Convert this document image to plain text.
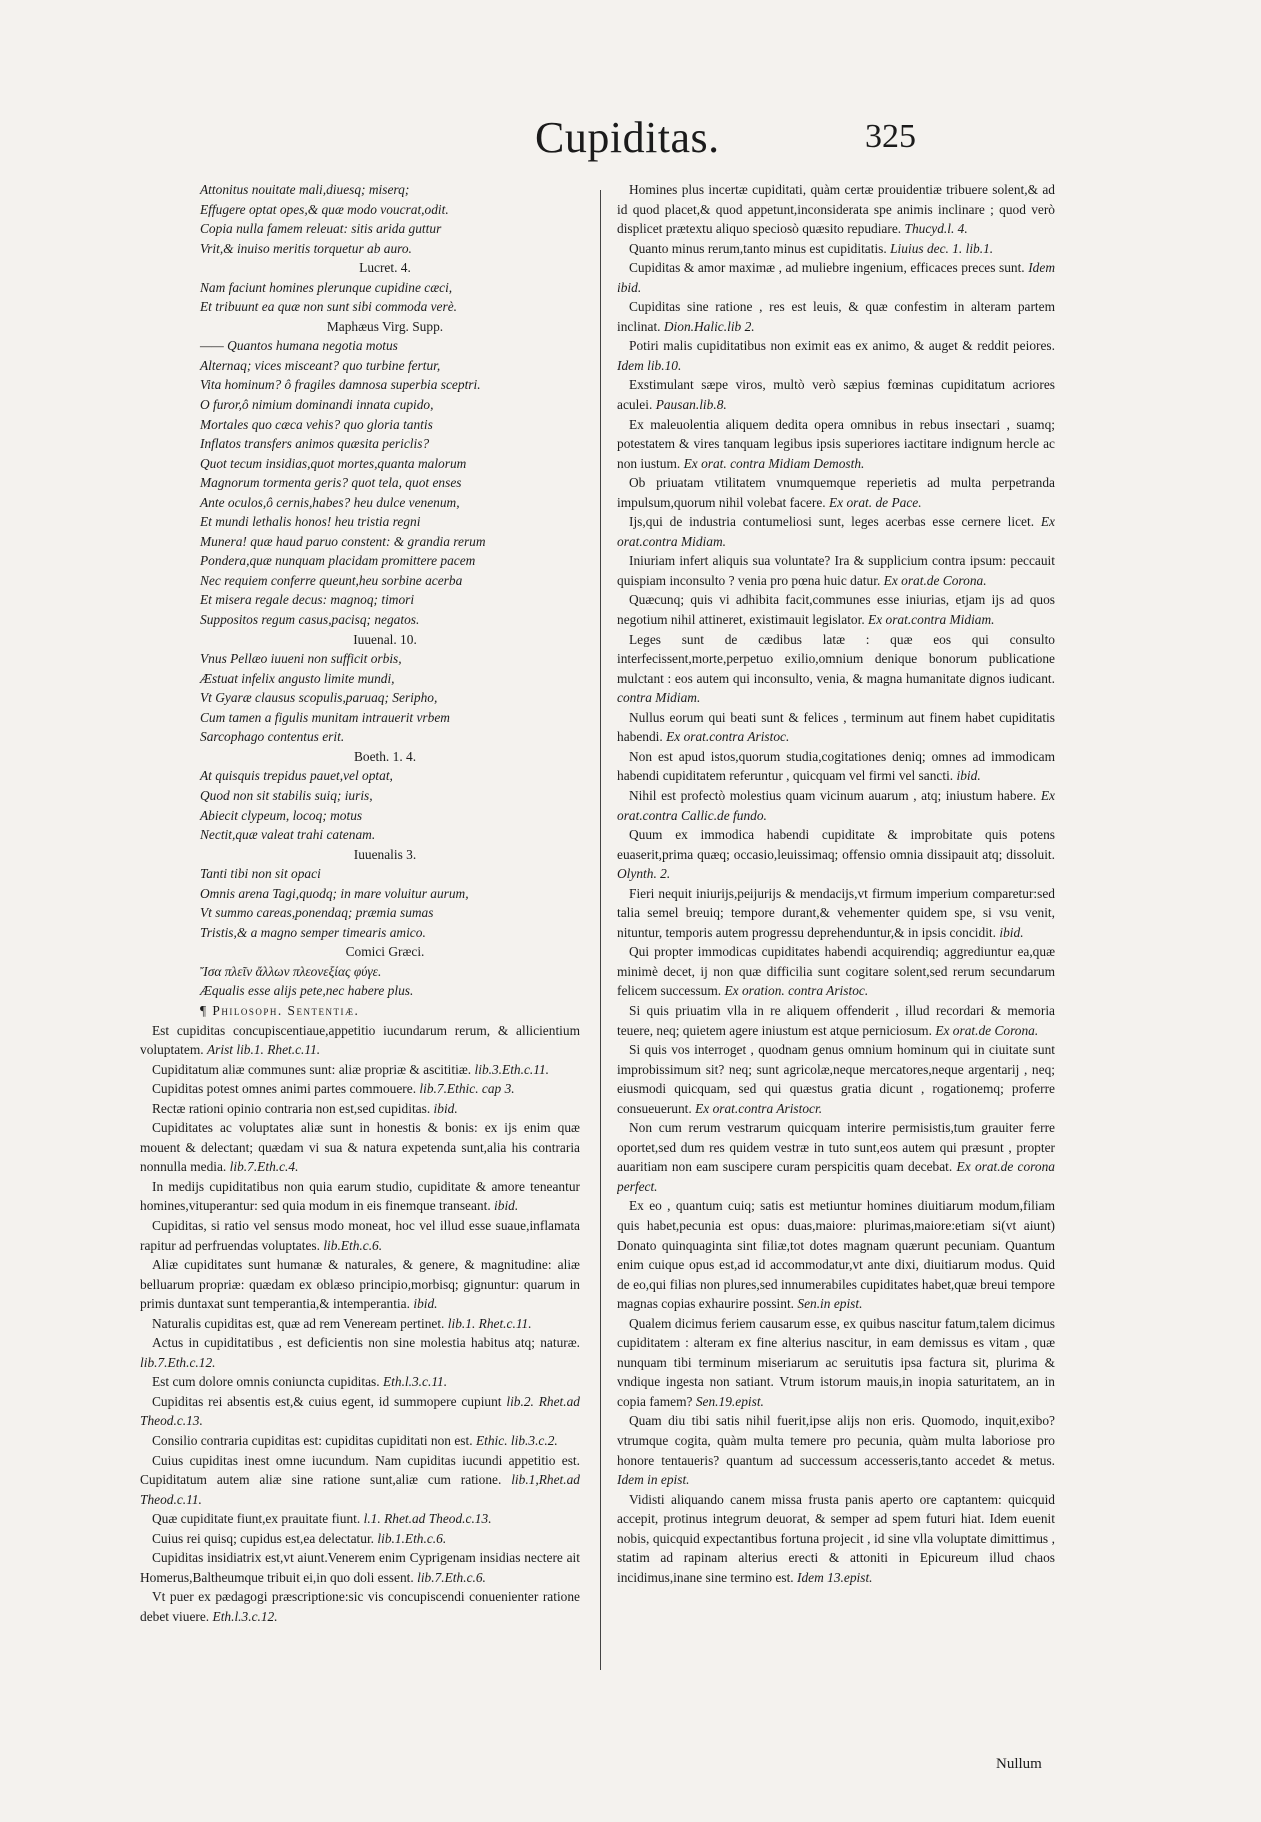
Cupiditas.	325
Attonitus nouitate mali,diuesq; miserq;
Effugere optat opes,& quæ modo voucrat,odit.
Copia nulla famem releuat: sitis arida guttur
Vrit,& inuiso meritis torquetur ab auro.
Lucret. 4.
Nam faciunt homines plerunque cupidine cæci,
Et tribuunt ea quæ non sunt sibi commoda verè.
Maphæus Virg. Supp.
—— Quantos humana negotia motus
Alternaq; vices misceant? quo turbine fertur,
Vita hominum? ô fragiles damnosa superbia sceptri.
O furor,ô nimium dominandi innata cupido,
Mortales quo cæca vehis? quo gloria tantis
Inflatos transfers animos quæsita periclis?
Quot tecum insidias,quot mortes,quanta malorum
Magnorum tormenta geris? quot tela, quot enses
Ante oculos,ô cernis,habes? heu dulce venenum,
Et mundi lethalis honos! heu tristia regni
Munera! quæ haud paruo constent: & grandia rerum
Pondera,quæ nunquam placidam promittere pacem
Nec requiem conferre queunt,heu sorbine acerba
Et misera regale decus: magnoq; timori
Suppositos regum casus,pacisq; negatos.
Iuuenal. 10.
Vnus Pellæo iuueni non sufficit orbis,
Æstuat infelix angusto limite mundi,
Vt Gyaræ clausus scopulis,paruaq; Seripho,
Cum tamen a figulis munitam intrauerit vrbem
Sarcophago contentus erit.
Boeth. 1. 4.
At quisquis trepidus pauet,vel optat,
Quod non sit stabilis suiq; iuris,
Abiecit clypeum, locoq; motus
Nectit,quæ valeat trahi catenam.
Iuuenalis 3.
Tanti tibi non sit opaci
Omnis arena Tagi,quodq; in mare voluitur aurum,
Vt summo careas,ponendaq; præmia sumas
Tristis,& a magno semper timearis amico.
Comici Græci.
Ἴσα πλεῖν ἄλλων πλεονεξίας φύγε.
Æqualis esse alijs pete,nec habere plus.
¶ Philosoph. Sententiæ.
Est cupiditas concupiscentiaue,appetitio iucundarum rerum, & allicientium voluptatem. Arist lib.1. Rhet.c.11.
Cupiditatum aliæ communes sunt: aliæ propriæ & ascititiæ. lib.3.Eth.c.11.
Cupiditas potest omnes animi partes commouere. lib.7.Ethic. cap 3.
Rectæ rationi opinio contraria non est,sed cupiditas. ibid.
Cupiditates ac voluptates aliæ sunt in honestis & bonis: ex ijs enim quæ mouent & delectant; quædam vi sua & natura expetenda sunt,alia his contraria nonnulla media. lib.7.Eth.c.4.
In medijs cupiditatibus non quia earum studio, cupiditate & amore teneantur homines,vituperantur: sed quia modum in eis finemque transeant. ibid.
Cupiditas, si ratio vel sensus modo moneat, hoc vel illud esse suaue,inflamata rapitur ad perfruendas voluptates. lib.Eth.c.6.
Aliæ cupiditates sunt humanæ & naturales, & genere, & magnitudine: aliæ belluarum propriæ: quædam ex oblæso principio,morbisq; gignuntur: quarum in primis duntaxat sunt temperantia,& intemperantia. ibid.
Naturalis cupiditas est, quæ ad rem Veneream pertinet. lib.1. Rhet.c.11.
Actus in cupiditatibus , est deficientis non sine molestia habitus atq; naturæ. lib.7.Eth.c.12.
Est cum dolore omnis coniuncta cupiditas. Eth.l.3.c.11.
Cupiditas rei absentis est,& cuius egent, id summopere cupiunt lib.2. Rhet.ad Theod.c.13.
Consilio contraria cupiditas est: cupiditas cupiditati non est. Ethic. lib.3.c.2.
Cuius cupiditas inest omne iucundum. Nam cupiditas iucundi appetitio est. Cupiditatum autem aliæ sine ratione sunt,aliæ cum ratione. lib.1,Rhet.ad Theod.c.11.
Quæ cupiditate fiunt,ex prauitate fiunt. l.1. Rhet.ad Theod.c.13.
Cuius rei quisq; cupidus est,ea delectatur. lib.1.Eth.c.6.
Cupiditas insidiatrix est,vt aiunt.Venerem enim Cyprigenam insidias nectere ait Homerus,Baltheumque tribuit ei,in quo doli essent. lib.7.Eth.c.6.
Vt puer ex pædagogi præscriptione:sic vis concupiscendi conuenienter ratione debet viuere. Eth.l.3.c.12.
Homines plus incertæ cupiditati, quàm certæ prouidentiæ tribuere solent,& ad id quod placet,& quod appetunt,inconsiderata spe animis inclinare ; quod verò displicet prætextu aliquo speciosò quæsito repudiare. Thucyd.l. 4.
Quanto minus rerum,tanto minus est cupiditatis. Liuius dec. 1. lib.1.
Cupiditas & amor maximæ , ad muliebre ingenium, efficaces preces sunt. Idem ibid.
Cupiditas sine ratione , res est leuis, & quæ confestim in alteram partem inclinat. Dion.Halic.lib 2.
Potiri malis cupiditatibus non eximit eas ex animo, & auget & reddit peiores. Idem lib.10.
Exstimulant sæpe viros, multò verò sæpius fœminas cupiditatum acriores aculei. Pausan.lib.8.
Ex maleuolentia aliquem dedita opera omnibus in rebus insectari , suamq; potestatem & vires tanquam legibus ipsis superiores iactitare indignum hercle ac non iustum. Ex orat. contra Midiam Demosth.
Ob priuatam vtilitatem vnumquemque reperietis ad multa perpetranda impulsum,quorum nihil volebat facere. Ex orat. de Pace.
Ijs,qui de industria contumeliosi sunt, leges acerbas esse cernere licet. Ex orat.contra Midiam.
Iniuriam infert aliquis sua voluntate? Ira & supplicium contra ipsum: peccauit quispiam inconsulto ? venia pro pœna huic datur. Ex orat.de Corona.
Quæcunq; quis vi adhibita facit,communes esse iniurias, etjam ijs ad quos negotium nihil attineret, existimauit legislator. Ex orat.contra Midiam.
Leges sunt de cædibus latæ : quæ eos qui consulto interfecissent,morte,perpetuo exilio,omnium denique bonorum publicatione mulctant : eos autem qui inconsulto, venia, & magna humanitate dignos iudicant. contra Midiam.
Nullus eorum qui beati sunt & felices , terminum aut finem habet cupiditatis habendi. Ex orat.contra Aristoc.
Non est apud istos,quorum studia,cogitationes deniq; omnes ad immodicam habendi cupiditatem referuntur , quicquam vel firmi vel sancti. ibid.
Nihil est profectò molestius quam vicinum auarum , atq; iniustum habere. Ex orat.contra Callic.de fundo.
Quum ex immodica habendi cupiditate & improbitate quis potens euaserit,prima quæq; occasio,leuissimaq; offensio omnia dissipauit atq; dissoluit. Olynth. 2.
Fieri nequit iniurijs,peijurijs & mendacijs,vt firmum imperium comparetur:sed talia semel breuiq; tempore durant,& vehementer quidem spe, si vsu venit, nituntur, temporis autem progressu deprehenduntur,& in ipsis concidit. ibid.
Qui propter immodicas cupiditates habendi acquirendiq; aggrediuntur ea,quæ minimè decet, ij non quæ difficilia sunt cogitare solent,sed rerum secundarum felicem successum. Ex oration. contra Aristoc.
Si quis priuatim vlla in re aliquem offenderit , illud recordari & memoria teuere, neq; quietem agere iniustum est atque perniciosum. Ex orat.de Corona.
Si quis vos interroget , quodnam genus omnium hominum qui in ciuitate sunt improbissimum sit? neq; sunt agricolæ,neque mercatores,neque argentarij , neq; eiusmodi quicquam, sed qui quæstus gratia dicunt , rogationemq; proferre consueuerunt. Ex orat.contra Aristocr.
Non cum rerum vestrarum quicquam interire permisistis,tum grauiter ferre oportet,sed dum res quidem vestræ in tuto sunt,eos autem qui præsunt , propter auaritiam non eam suscipere curam perspicitis quam decebat. Ex orat.de corona perfect.
Ex eo , quantum cuiq; satis est metiuntur homines diuitiarum modum,filiam quis habet,pecunia est opus: duas,maiore: plurimas,maiore:etiam si(vt aiunt) Donato quinquaginta sint filiæ,tot dotes magnam quærunt pecuniam. Quantum enim cuique opus est,ad id accommodatur,vt ante dixi, diuitiarum modus. Quid de eo,qui filias non plures,sed innumerabiles cupiditates habet,quæ breui tempore magnas copias exhaurire possint. Sen.in epist.
Qualem dicimus feriem causarum esse, ex quibus nascitur fatum,talem dicimus cupiditatem : alteram ex fine alterius nascitur, in eam demissus es vitam , quæ nunquam tibi terminum miseriarum ac seruitutis ipsa factura sit, plurima & vndique ingesta non satiant. Vtrum istorum mauis,in inopia saturitatem, an in copia famem? Sen.19.epist.
Quam diu tibi satis nihil fuerit,ipse alijs non eris. Quomodo, inquit,exibo? vtrumque cogita, quàm multa temere pro pecunia, quàm multa laboriose pro honore tentaueris? quantum ad successum accesseris,tanto accedet & metus. Idem in epist.
Vidisti aliquando canem missa frusta panis aperto ore captantem: quicquid accepit, protinus integrum deuorat, & semper ad spem futuri hiat. Idem euenit nobis, quicquid expectantibus fortuna projecit , id sine vlla voluptate dimittimus , statim ad rapinam alterius erecti & attoniti in Epicureum illud chaos incidimus,inane sine termino est. Idem 13.epist.
Nullum
